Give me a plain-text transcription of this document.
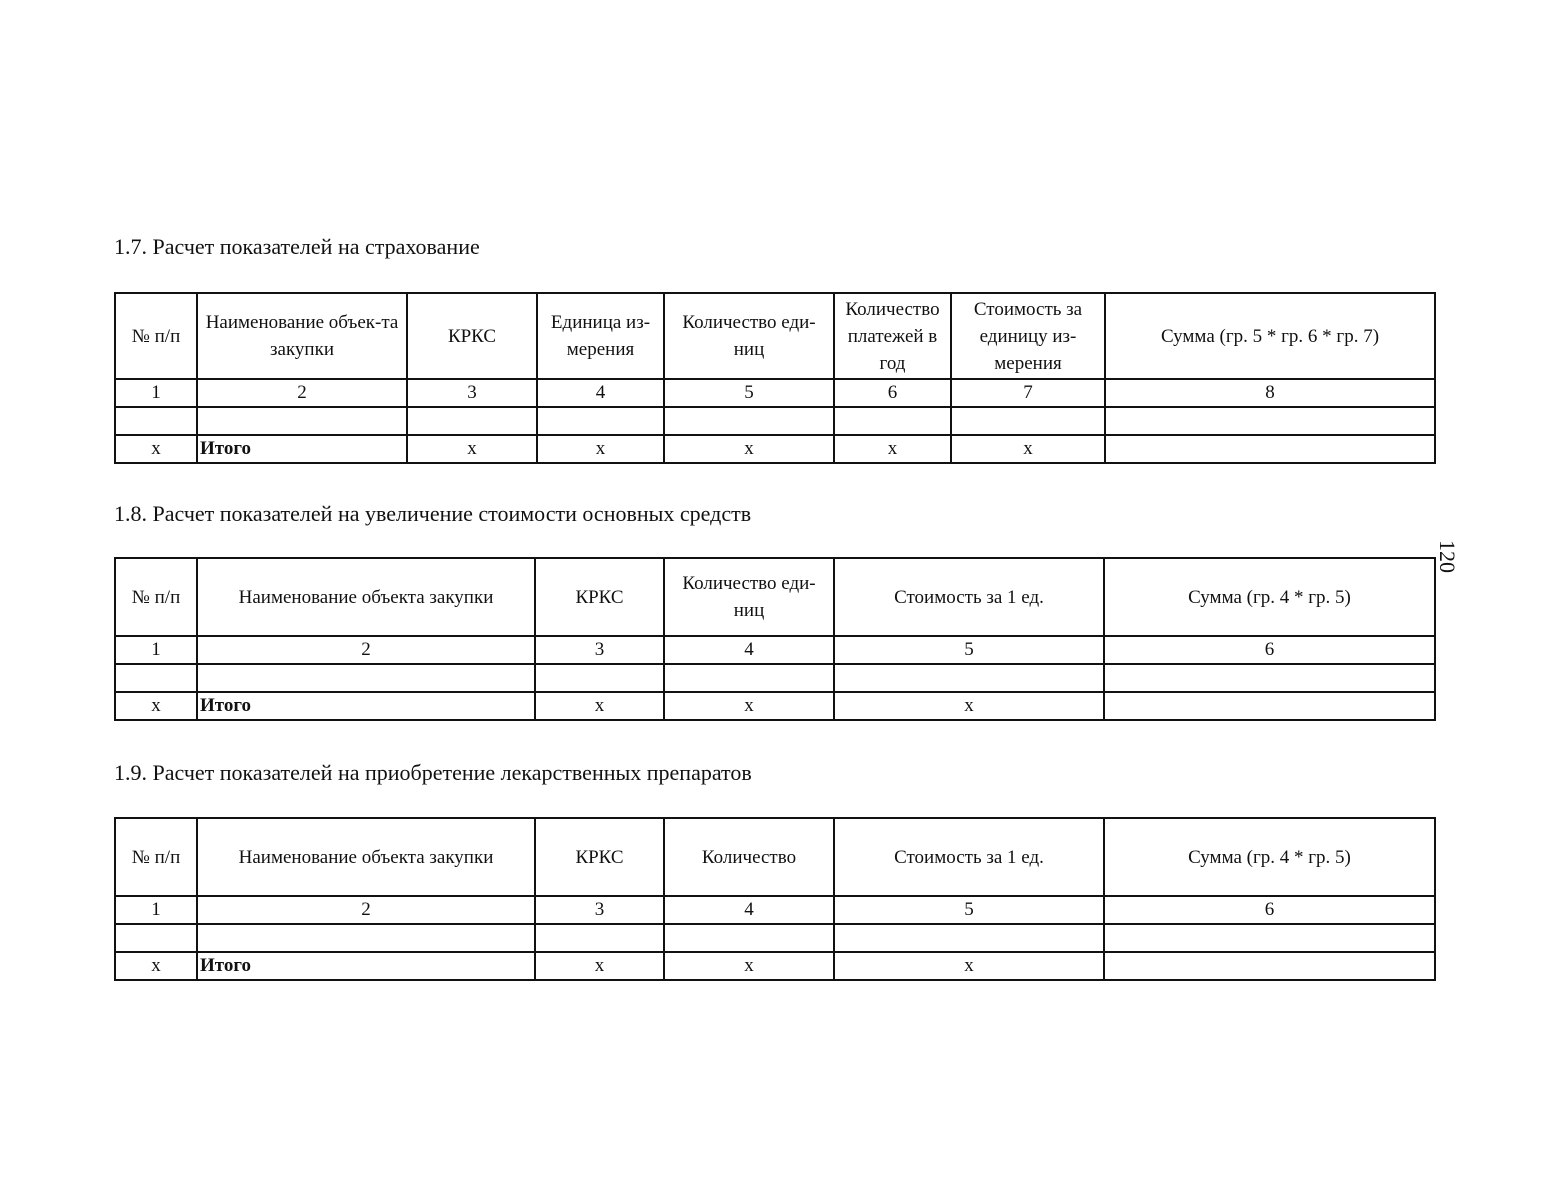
1.7. Расчет показателей на страхование
№ п/п	Наименование объек-та закупки	КРКС	Единица из-мерения	Количество еди-ниц	Количество платежей в год	Стоимость за единицу из-мерения	Сумма (гр. 5 * гр. 6 * гр. 7)
1	2	3	4	5	6	7	8

x	Итого	x	x	x	x	x	
1.8. Расчет показателей на увеличение стоимости основных средств
№ п/п	Наименование объекта закупки	КРКС	Количество еди-ниц	Стоимость за 1 ед.	Сумма (гр. 4 * гр. 5)
1	2	3	4	5	6

x	Итого	x	x	x	
1.9. Расчет показателей на приобретение лекарственных препаратов
№ п/п	Наименование объекта закупки	КРКС	Количество	Стоимость за 1 ед.	Сумма (гр. 4 * гр. 5)
1	2	3	4	5	6

x	Итого	x	x	x	
120
